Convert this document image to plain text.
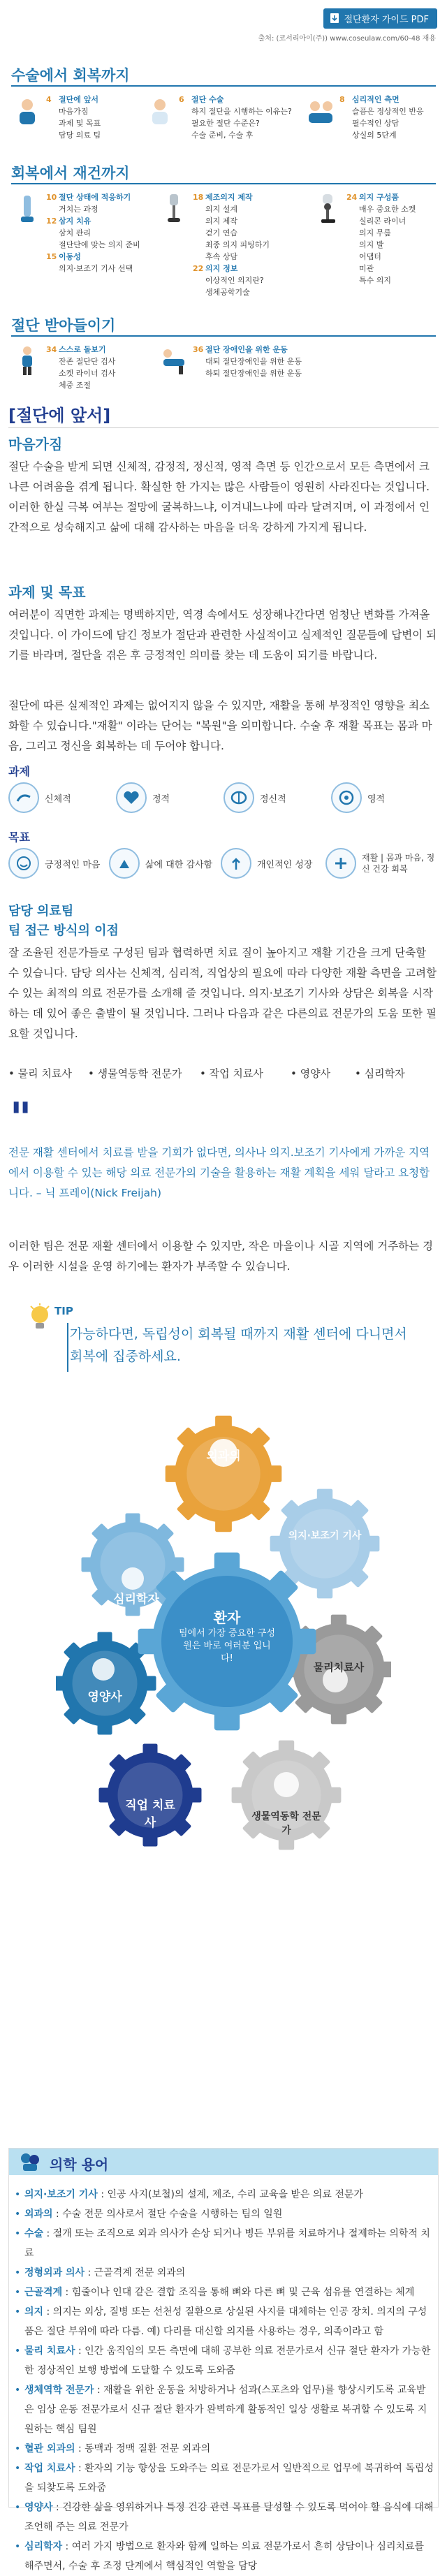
절단환자 가이드 PDF
출처: (코서리아이(주)) www.coseulaw.com/60-48 재용
수술에서 회복까지
4 절단에 앞서
마음가짐
과제 및 목표
담당 의료 팀
6 절단 수술
하지 절단을 시행하는 이유는?
필요한 절단 수준은?
수술 준비, 수술 후
8 심리적인 측면
슬픔은 정상적인 반응
필수적인 상담
상실의 5단계
회복에서 재건까지
10 절단 상태에 적응하기
거치는 과정
12 삼지 치유
삼치 관리
절단단에 맞는 의지 준비
15 이동성
의지·보조기 기사 선택
18 제조의지 제작
의지 설계
의지 제작
걷기 연습
최종 의지 피팅하기
후속 상담
22 의지 정보
이상적인 의지란?
생체공학기술
24 의지 구성품
매우 중요한 소켓
실리콘 라이너
의지 무릎
의지 발
어댑터
미관
특수 의지
절단 받아들이기
34 스스로 돌보기
잔존 절단단 검사
소켓 라이너 검사
체중 조절
36 절단 장애인을 위한 운동
대퇴 절단장애인을 위한 운동
하퇴 절단장애인을 위한 운동
[절단에 앞서]
마음가짐
절단 수술을 받게 되면 신체적, 감정적, 정신적, 영적 측면 등 인간으로서 모든 측면에서 크나큰 어려움을 겪게 됩니다. 확실한 한 가지는 많은 사람들이 영원히 사라진다는 것입니다. 이러한 한실 극복 여부는 절망에 굴복하느냐, 이겨내느냐에 따라 달려지며, 이 과정에서 인간적으로 성숙해지고 삶에 대해 감사하는 마음을 더욱 강하게 가지게 됩니다.
과제 및 목표
여러분이 직면한 과제는 명백하지만, 역경 속에서도 성장해나간다면 엄청난 변화를 가져올 것입니다. 이 가이드에 담긴 정보가 절단과 관련한 사실적이고 실제적인 질문들에 답변이 되기를 바라며, 절단을 겪은 후 긍정적인 의미를 찾는 데 도움이 되기를 바랍니다.
절단에 따른 실제적인 과제는 없어지지 않을 수 있지만, 재활을 통해 부정적인 영향을 최소화할 수 있습니다."재활" 이라는 단어는 "복원"을 의미합니다. 수술 후 재활 목표는 몸과 마음, 그리고 정신을 회복하는 데 두어야 합니다.
과제
신체적	정적	정신적	영적
목표
긍정적인 마음	삶에 대한 감사함	개인적인 성장
재활 | 몸과 마음, 정신 건강 회복
담당 의료팀
팀 접근 방식의 이점
잘 조율된 전문가들로 구성된 팀과 협력하면 치료 질이 높아지고 재활 기간을 크게 단축할 수 있습니다. 담당 의사는 신체적, 심리적, 직업상의 필요에 따라 다양한 재활 측면을 고려할 수 있는 최적의 의료 전문가를 소개해 줄 것입니다. 의지·보조기 기사와 상담은 회복을 시작하는 데 있어 좋은 출발이 될 것입니다. 그러나 다음과 같은 다른의료 전문가의 도움 또한 필요할 것입니다.
• 물리 치료사	• 생물역동학 전문가	• 작업 치료사	• 영양사	• 심리학자
"
전문 재활 센터에서 치료를 받을 기회가 없다면, 의사나 의지.보조기 기사에게 가까운 지역에서 이용할 수 있는 해당 의료 전문가의 기술을 활용하는 재활 계획을 세워 달라고 요청합니다. – 닉 프레이(Nick Freijah)
이러한 팀은 전문 재활 센터에서 이용할 수 있지만, 작은 마을이나 시골 지역에 거주하는 경우 이러한 시설을 운영 하기에는 환자가 부족할 수 있습니다.
TIP
가능하다면, 독립성이 회복될 때까지 재활 센터에 다니면서 회복에 집중하세요.
외과의
의지·보조기 기사
물리치료사
생물역동학 전문가
직업 치료사
영양사
심리학자
환자
팀에서 가장 중요한 구성원은 바로 여러분 입니다!
의학 용어
• 의지·보조기 기사 : 인공 사지(보철)의 설계, 제조, 수리 교육을 받은 의료 전문가
• 외과의 : 수술 전문 의사로서 절단 수술을 시행하는 팀의 일원
• 수술 : 절개 또는 조직으로 외과 의사가 손상 되거나 병든 부위를 치료하거나 절제하는 의학적 치료
• 정형외과 의사 : 근골격계 전문 외과의
• 근골격계 : 힘줄이나 인대 같은 결합 조직을 통해 뼈와 다른 뼈 및 근육 섬유를 연결하는 체계
• 의지 : 의지는 외상, 질병 또는 선천성 질환으로 상실된 사지를 대체하는 인공 장치. 의지의 구성품은 절단 부위에 따라 다름. 예) 다리를 대신할 의지를 사용하는 경우, 의족이라고 함
• 물리 치료사 : 인간 움직임의 모든 측면에 대해 공부한 의료 전문가로서 신규 절단 환자가 가능한 한 정상적인 보행 방법에 도달할 수 있도록 도와줌
• 생체역학 전문가 : 재활을 위한 운동을 처방하거나 섬과(스포츠와 업무)를 향상시키도록 교육받은 임상 운동 전문가로서 신규 절단 환자가 완벽하게 활동적인 일상 생활로 복귀할 수 있도록 지원하는 핵심 팀원
• 혈관 외과의 : 동맥과 정맥 질환 전문 외과의
• 작업 치료사 : 환자의 기능 향상을 도와주는 의료 전문가로서 일반적으로 업무에 복귀하여 독립성을 되찾도록 도와줌
• 영양사 : 건강한 삶을 영위하거나 특정 건강 관련 목표를 달성할 수 있도록 먹어야 할 음식에 대해 조언해 주는 의료 전문가
• 심리학자 : 여러 가지 방법으로 환자와 함께 일하는 의료 전문가로서 흔히 상담이나 심리치료를 해주면서, 수술 후 조정 단계에서 핵심적인 역할을 담당
